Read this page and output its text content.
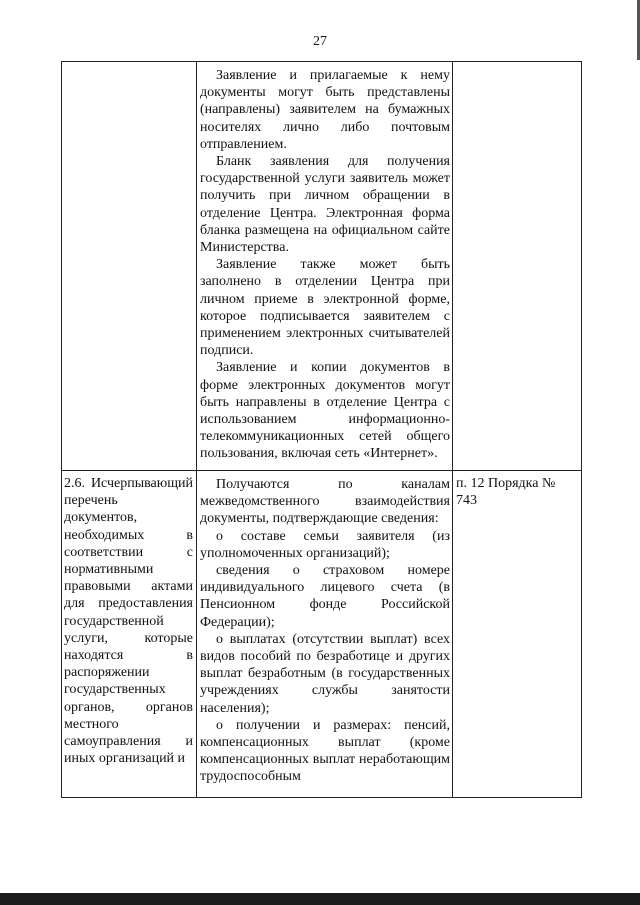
27

Заявление и прилагаемые к нему документы могут быть представлены (направлены) заявителем на бумажных носителях лично либо почтовым отправлением.

Бланк заявления для получения государственной услуги заявитель может получить при личном обращении в отделение Центра. Электронная форма бланка размещена на официальном сайте Министерства.

Заявление также может быть заполнено в отделении Центра при личном приеме в электронной форме, которое подписывается заявителем с применением электронных считывателей подписи.

Заявление и копии документов в форме электронных документов могут быть направлены в отделение Центра с использованием информационно-телекоммуникационных сетей общего пользования, включая сеть «Интернет».

2.6. Исчерпывающий перечень документов, необходимых в соответствии с нормативными правовыми актами для предоставления государственной услуги, которые находятся в распоряжении государственных органов, органов местного самоуправления и иных организаций и

Получаются по каналам межведомственного взаимодействия документы, подтверждающие сведения:

о составе семьи заявителя (из уполномоченных организаций);

сведения о страховом номере индивидуального лицевого счета (в Пенсионном фонде Российской Федерации);

о выплатах (отсутствии выплат) всех видов пособий по безработице и других выплат безработным (в государственных учреждениях службы занятости населения);

о получении и размерах: пенсий, компенсационных выплат (кроме компенсационных выплат неработающим трудоспособным

п. 12 Порядка № 743
